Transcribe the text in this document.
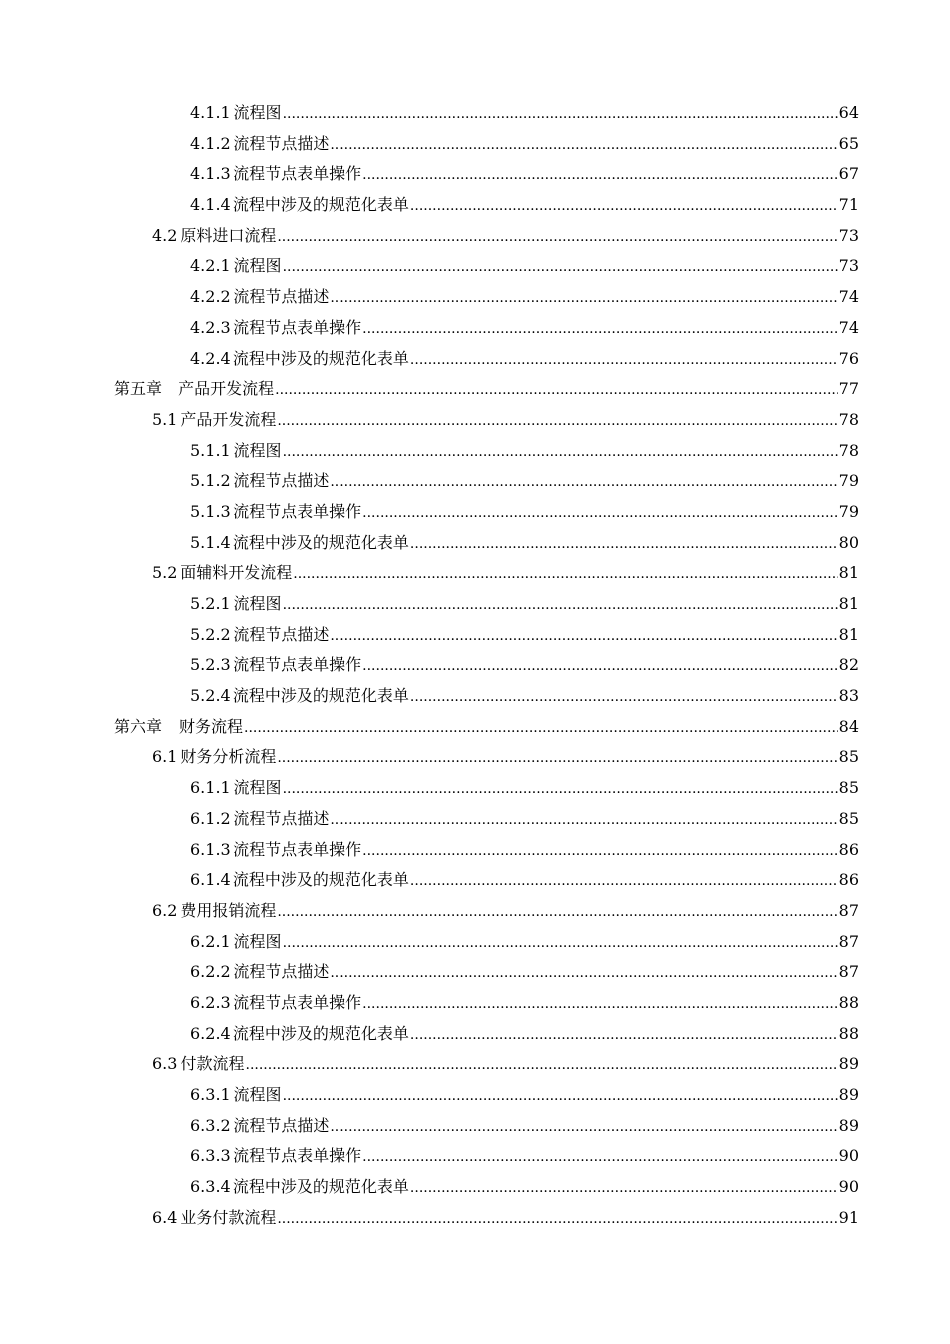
4.1.1 流程图 .....	64
4.1.2 流程节点描述 .....	65
4.1.3 流程节点表单操作 .....	67
4.1.4 流程中涉及的规范化表单 .....	71
4.2 原料进口流程 .....	73
4.2.1 流程图 .....	73
4.2.2 流程节点描述 .....	74
4.2.3 流程节点表单操作 .....	74
4.2.4 流程中涉及的规范化表单 .....	76
第五章 产品开发流程 .....	77
5.1 产品开发流程 .....	78
5.1.1 流程图 .....	78
5.1.2 流程节点描述 .....	79
5.1.3 流程节点表单操作 .....	79
5.1.4 流程中涉及的规范化表单 .....	80
5.2 面辅料开发流程 .....	81
5.2.1 流程图 .....	81
5.2.2 流程节点描述 .....	81
5.2.3 流程节点表单操作 .....	82
5.2.4 流程中涉及的规范化表单 .....	83
第六章 财务流程 .....	84
6.1 财务分析流程 .....	85
6.1.1 流程图 .....	85
6.1.2 流程节点描述 .....	85
6.1.3 流程节点表单操作 .....	86
6.1.4 流程中涉及的规范化表单 .....	86
6.2 费用报销流程 .....	87
6.2.1 流程图 .....	87
6.2.2 流程节点描述 .....	87
6.2.3 流程节点表单操作 .....	88
6.2.4 流程中涉及的规范化表单 .....	88
6.3 付款流程 .....	89
6.3.1 流程图 .....	89
6.3.2 流程节点描述 .....	89
6.3.3 流程节点表单操作 .....	90
6.3.4 流程中涉及的规范化表单 .....	90
6.4 业务付款流程 .....	91
